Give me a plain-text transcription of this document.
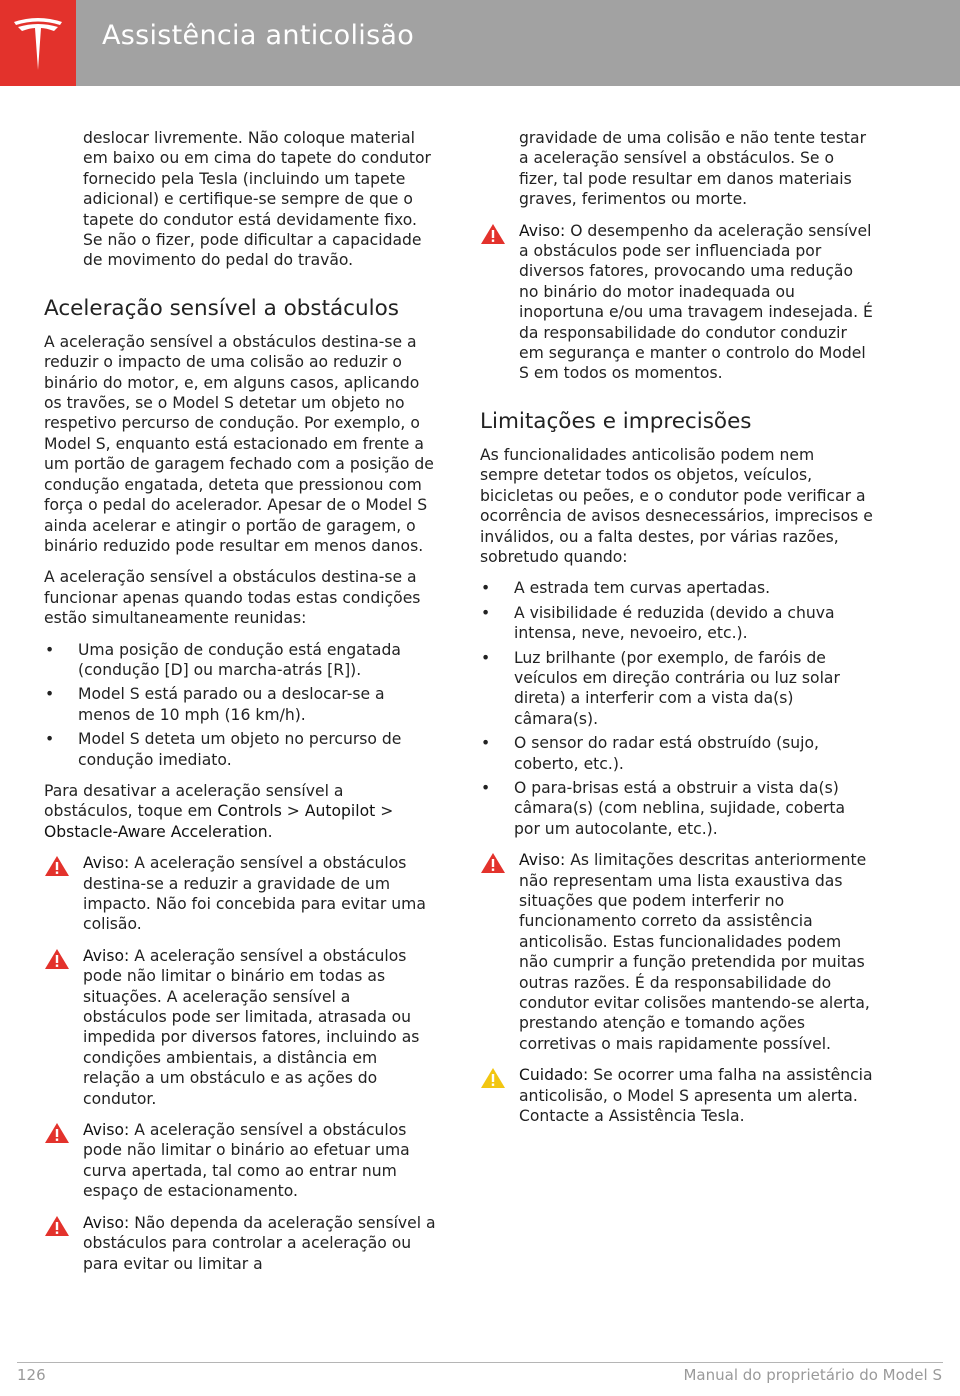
Assistência anticolisão

deslocar livremente. Não coloque material em baixo ou em cima do tapete do condutor fornecido pela Tesla (incluindo um tapete adicional) e certifique-se sempre de que o tapete do condutor está devidamente fixo. Se não o fizer, pode dificultar a capacidade de movimento do pedal do travão.

Aceleração sensível a obstáculos

A aceleração sensível a obstáculos destina-se a reduzir o impacto de uma colisão ao reduzir o binário do motor, e, em alguns casos, aplicando os travões, se o Model S detetar um objeto no respetivo percurso de condução. Por exemplo, o Model S, enquanto está estacionado em frente a um portão de garagem fechado com a posição de condução engatada, deteta que pressionou com força o pedal do acelerador. Apesar de o Model S ainda acelerar e atingir o portão de garagem, o binário reduzido pode resultar em menos danos.

A aceleração sensível a obstáculos destina-se a funcionar apenas quando todas estas condições estão simultaneamente reunidas:

• Uma posição de condução está engatada (condução [D] ou marcha-atrás [R]).
• Model S está parado ou a deslocar-se a menos de 10 mph (16 km/h).
• Model S deteta um objeto no percurso de condução imediato.

Para desativar a aceleração sensível a obstáculos, toque em Controls > Autopilot > Obstacle-Aware Acceleration.

Aviso: A aceleração sensível a obstáculos destina-se a reduzir a gravidade de um impacto. Não foi concebida para evitar uma colisão.
Aviso: A aceleração sensível a obstáculos pode não limitar o binário em todas as situações. A aceleração sensível a obstáculos pode ser limitada, atrasada ou impedida por diversos fatores, incluindo as condições ambientais, a distância em relação a um obstáculo e as ações do condutor.
Aviso: A aceleração sensível a obstáculos pode não limitar o binário ao efetuar uma curva apertada, tal como ao entrar num espaço de estacionamento.
Aviso: Não dependa da aceleração sensível a obstáculos para controlar a aceleração ou para evitar ou limitar a

gravidade de uma colisão e não tente testar a aceleração sensível a obstáculos. Se o fizer, tal pode resultar em danos materiais graves, ferimentos ou morte.

Aviso: O desempenho da aceleração sensível a obstáculos pode ser influenciada por diversos fatores, provocando uma redução no binário do motor inadequada ou inoportuna e/ou uma travagem indesejada. É da responsabilidade do condutor conduzir em segurança e manter o controlo do Model S em todos os momentos.
Limitações e imprecisões

As funcionalidades anticolisão podem nem sempre detetar todos os objetos, veículos, bicicletas ou peões, e o condutor pode verificar a ocorrência de avisos desnecessários, imprecisos e inválidos, ou a falta destes, por várias razões, sobretudo quando:

• A estrada tem curvas apertadas.
• A visibilidade é reduzida (devido a chuva intensa, neve, nevoeiro, etc.).
• Luz brilhante (por exemplo, de faróis de veículos em direção contrária ou luz solar direta) a interferir com a vista da(s) câmara(s).
• O sensor do radar está obstruído (sujo, coberto, etc.).
• O para-brisas está a obstruir a vista da(s) câmara(s) (com neblina, sujidade, coberta por um autocolante, etc.).
Aviso: As limitações descritas anteriormente não representam uma lista exaustiva das situações que podem interferir no funcionamento correto da assistência anticolisão. Estas funcionalidades podem não cumprir a função pretendida por muitas outras razões. É da responsabilidade do condutor evitar colisões mantendo-se alerta, prestando atenção e tomando ações corretivas o mais rapidamente possível.
Cuidado: Se ocorrer uma falha na assistência anticolisão, o Model S apresenta um alerta. Contacte a Assistência Tesla.
126	Manual do proprietário do Model S
